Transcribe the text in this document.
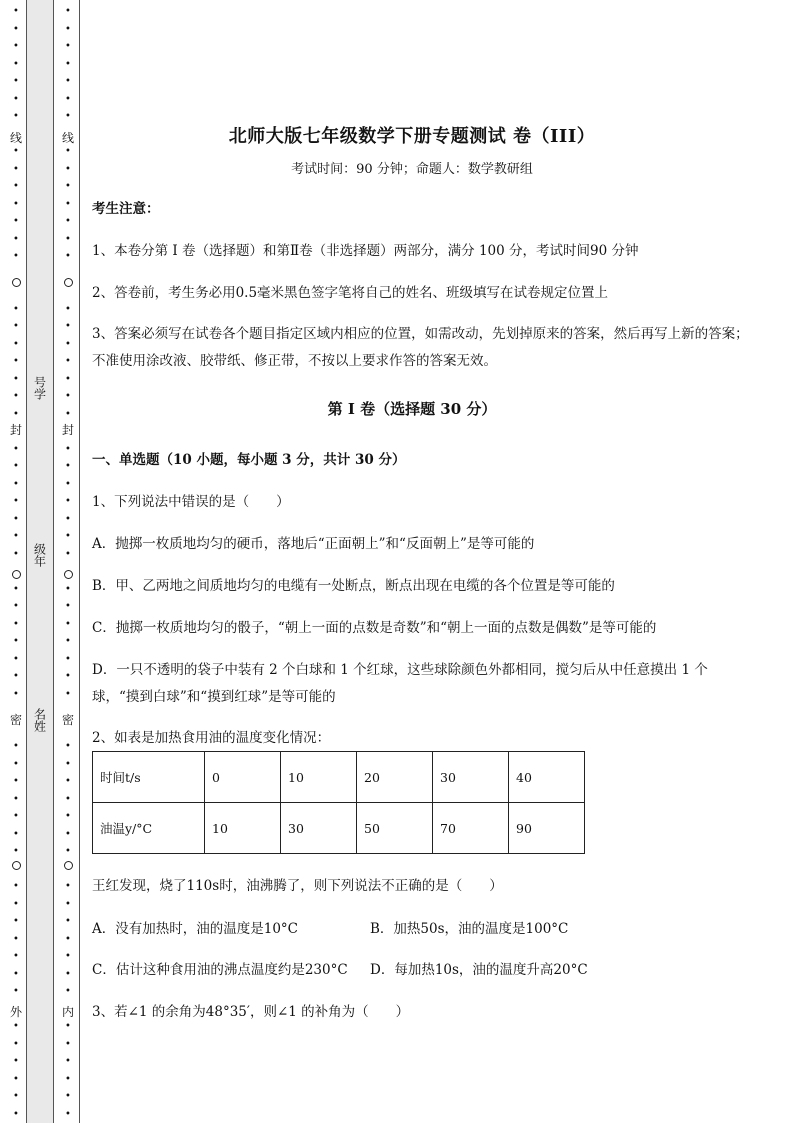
•
•
•
•
•
•
•
•
•
•
•
•
•
•
•
•
•
•
•
•
•
•
•
•
•
•
•
•
•
•
•
•
•
•
•
•
•
•
•
•
•
•
•
•
•
•
•
•
•
•
•
•
•
•
•
线
封
密
外
•
•
•
•
•
•
•
•
•
•
•
•
•
•
•
•
•
•
•
•
•
•
•
•
•
•
•
•
•
•
•
•
•
•
•
•
•
•
•
•
•
•
•
•
•
•
•
•
•
•
•
•
•
•
•
线
封
密
内
号学
级年
名姓
北师大版七年级数学下册专题测试 卷（III）
考试时间：90 分钟；命题人：数学教研组
考生注意：
1、本卷分第 I 卷（选择题）和第Ⅱ卷（非选择题）两部分，满分 100 分，考试时间90 分钟
2、答卷前，考生务必用0.5毫米黑色签字笔将自己的姓名、班级填写在试卷规定位置上
3、答案必须写在试卷各个题目指定区域内相应的位置，如需改动，先划掉原来的答案，然后再写上新的答案；不准使用涂改液、胶带纸、修正带，不按以上要求作答的答案无效。
第 I 卷（选择题 30 分）
一、单选题（10 小题，每小题 3 分，共计 30 分）
1、下列说法中错误的是（　　）
A．抛掷一枚质地均匀的硬币，落地后“正面朝上”和“反面朝上”是等可能的
B．甲、乙两地之间质地均匀的电缆有一处断点，断点出现在电缆的各个位置是等可能的
C．抛掷一枚质地均匀的骰子，“朝上一面的点数是奇数”和“朝上一面的点数是偶数”是等可能的
D．一只不透明的袋子中装有 2 个白球和 1 个红球，这些球除颜色外都相同，搅匀后从中任意摸出 1 个球，“摸到白球”和“摸到红球”是等可能的
2、如表是加热食用油的温度变化情况：
时间t/s	0	10	20	30	40
油温y/°C	10	30	50	70	90
王红发现，烧了110s时，油沸腾了，则下列说法不正确的是（　　）
A．没有加热时，油的温度是10°C	B．加热50s，油的温度是100°C
C．估计这种食用油的沸点温度约是230°C D．每加热10s，油的温度升高20°C
3、若∠1 的余角为48°35′，则∠1 的补角为（　　）
